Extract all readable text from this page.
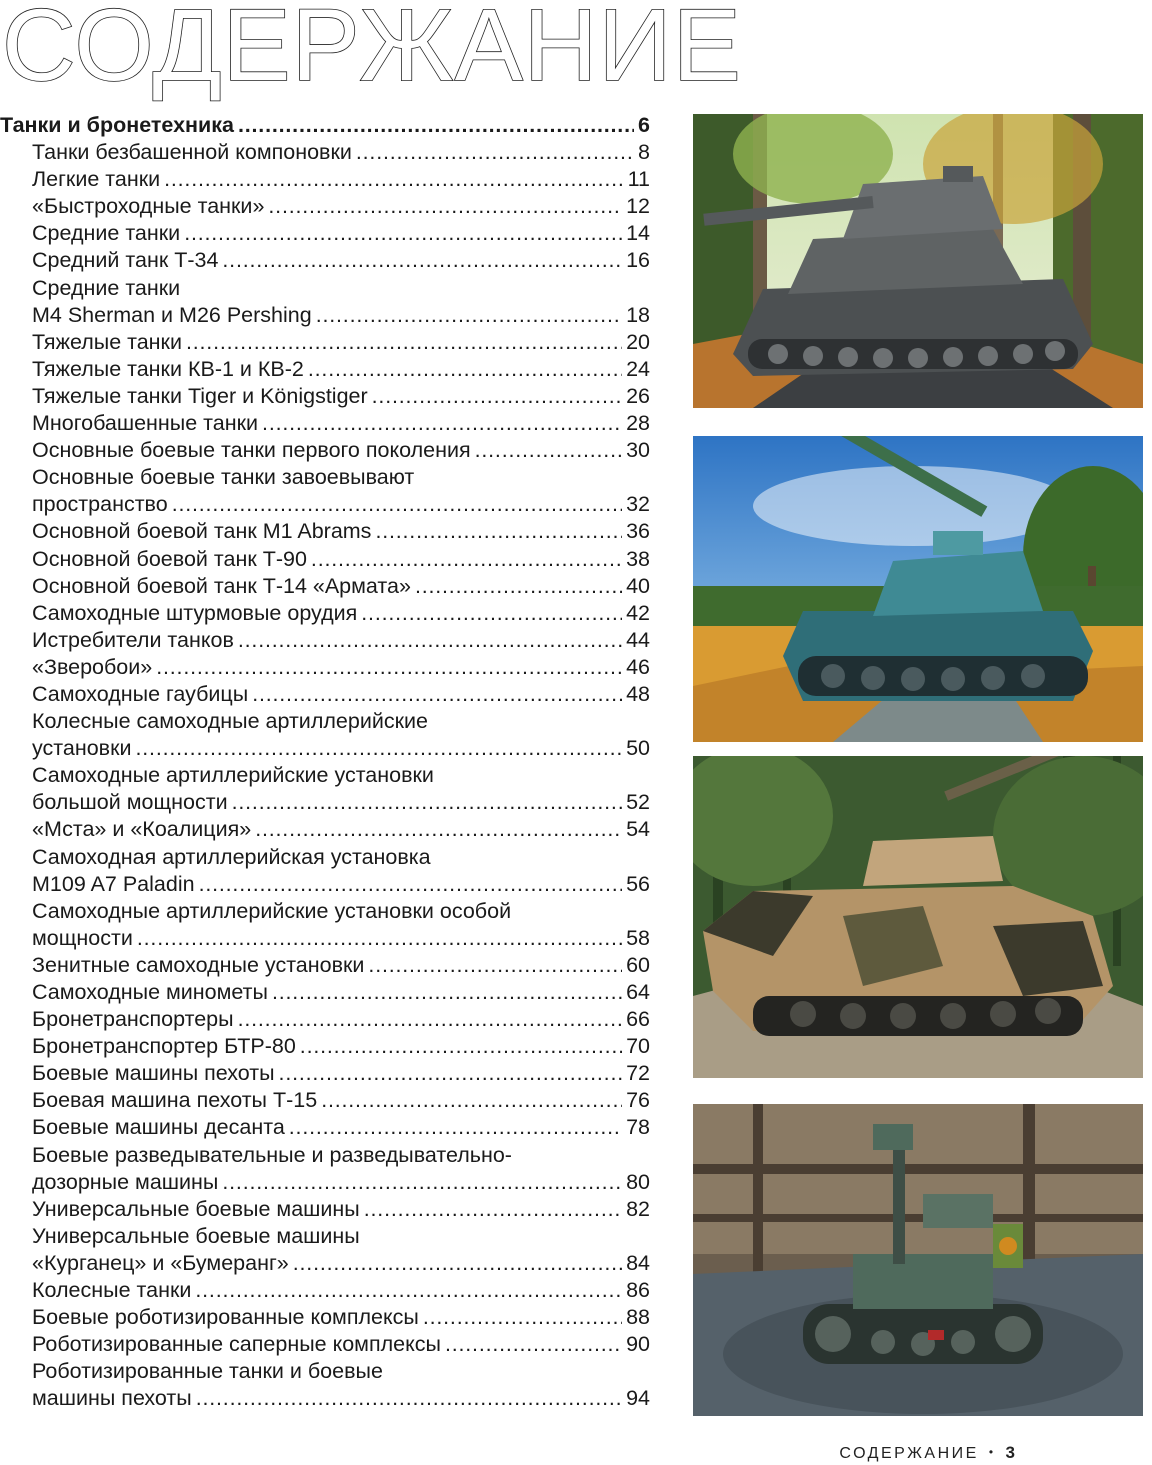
СОДЕРЖАНИЕ
Танки и бронетехника .....	6
Танки безбашенной компоновки .....	8
Легкие танки .....	11
«Быстроходные танки» .....	12
Средние танки .....	14
Средний танк Т-34 .....	16
Средние танки
M4 Sherman и M26 Pershing .....	18
Тяжелые танки .....	20
Тяжелые танки КВ-1 и КВ-2 .....	24
Тяжелые танки Tiger и Königstiger .....	26
Многобашенные танки .....	28
Основные боевые танки первого поколения .....	30
Основные боевые танки завоевывают
пространство .....	32
Основной боевой танк M1 Abrams .....	36
Основной боевой танк Т-90 .....	38
Основной боевой танк Т-14 «Армата» .....	40
Самоходные штурмовые орудия .....	42
Истребители танков .....	44
«Зверобои» .....	46
Самоходные гаубицы .....	48
Колесные самоходные артиллерийские
установки .....	50
Самоходные артиллерийские установки
большой мощности .....	52
«Мста» и «Коалиция» .....	54
Самоходная артиллерийская установка
M109 A7 Paladin .....	56
Самоходные артиллерийские установки особой
мощности .....	58
Зенитные самоходные установки .....	60
Самоходные минометы .....	64
Бронетранспортеры .....	66
Бронетранспортер БТР-80 .....	70
Боевые машины пехоты .....	72
Боевая машина пехоты Т-15 .....	76
Боевые машины десанта .....	78
Боевые разведывательные и разведывательно-
дозорные машины .....	80
Универсальные боевые машины .....	82
Универсальные боевые машины
«Курганец» и «Бумеранг» .....	84
Колесные танки .....	86
Боевые роботизированные комплексы .....	88
Роботизированные саперные комплексы .....	90
Роботизированные танки и боевые
машины пехоты .....	94
СОДЕРЖАНИЕ • 3
